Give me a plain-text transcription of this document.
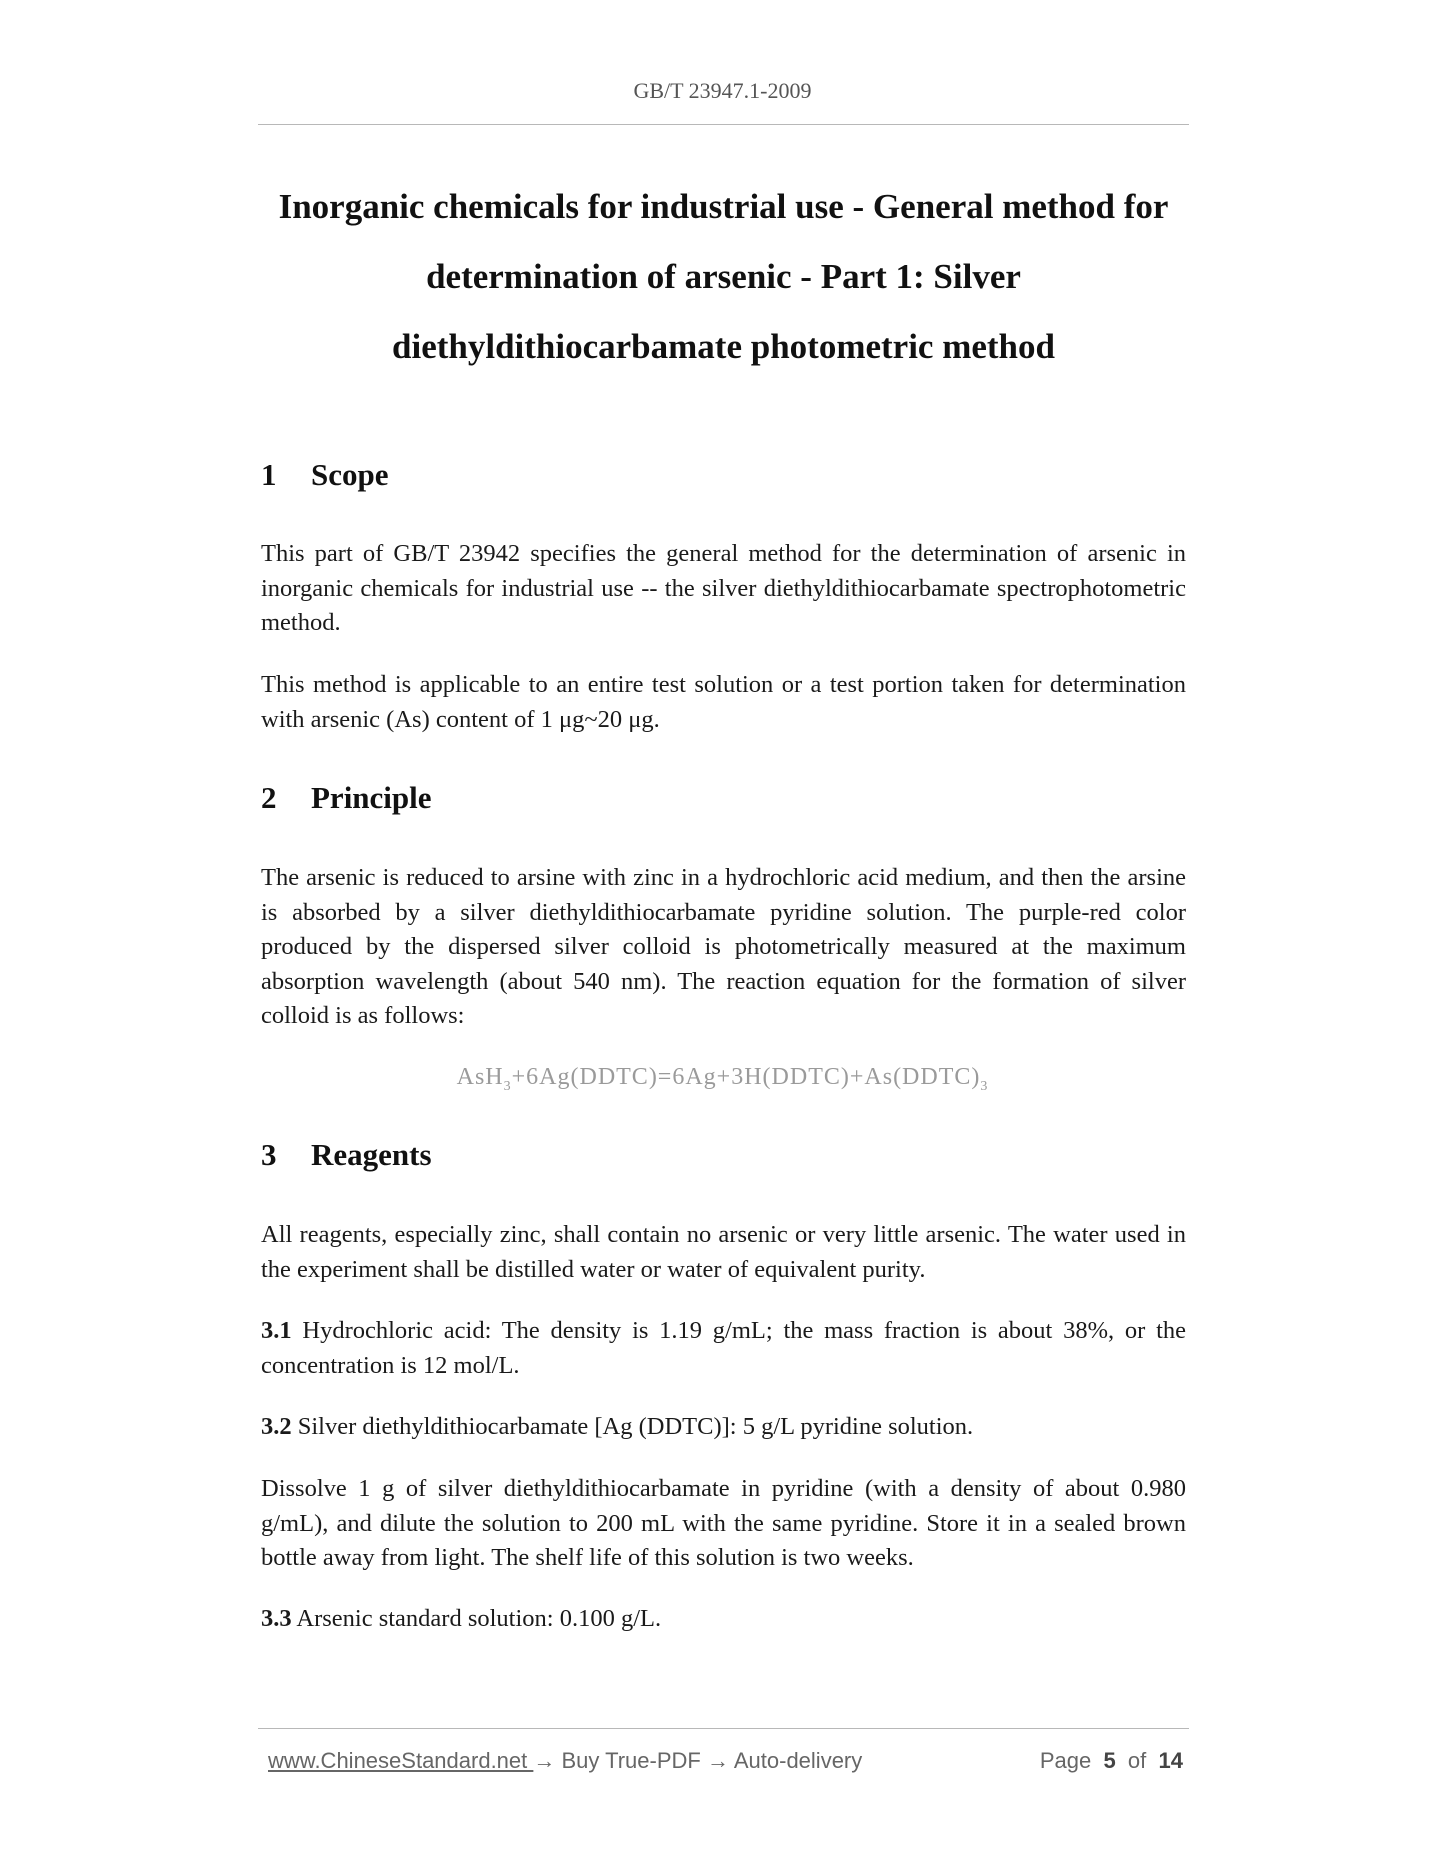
GB/T 23947.1-2009
Inorganic chemicals for industrial use - General method for
determination of arsenic - Part 1: Silver
diethyldithiocarbamate photometric method
1 Scope

This part of GB/T 23942 specifies the general method for the determination of arsenic in inorganic chemicals for industrial use -- the silver diethyldithiocarbamate spectrophotometric method.

This method is applicable to an entire test solution or a test portion taken for determination with arsenic (As) content of 1 μg~20 μg.

2 Principle

The arsenic is reduced to arsine with zinc in a hydrochloric acid medium, and then the arsine is absorbed by a silver diethyldithiocarbamate pyridine solution. The purple-red color produced by the dispersed silver colloid is photometrically measured at the maximum absorption wavelength (about 540 nm). The reaction equation for the formation of silver colloid is as follows:

$AsH_3+6Ag(DDTC)=6Ag+3H(DDTC)+As(DDTC)_3$
3 Reagents

All reagents, especially zinc, shall contain no arsenic or very little arsenic. The water used in the experiment shall be distilled water or water of equivalent purity.

3.1 Hydrochloric acid: The density is 1.19 g/mL; the mass fraction is about 38%, or the concentration is 12 mol/L.

3.2 Silver diethyldithiocarbamate [Ag (DDTC)]: 5 g/L pyridine solution.

Dissolve 1 g of silver diethyldithiocarbamate in pyridine (with a density of about 0.980 g/mL), and dilute the solution to 200 mL with the same pyridine. Store it in a sealed brown bottle away from light. The shelf life of this solution is two weeks.

3.3 Arsenic standard solution: 0.100 g/L.

www.ChineseStandard.net → Buy True-PDF → Auto-delivery	Page 5 of 14
